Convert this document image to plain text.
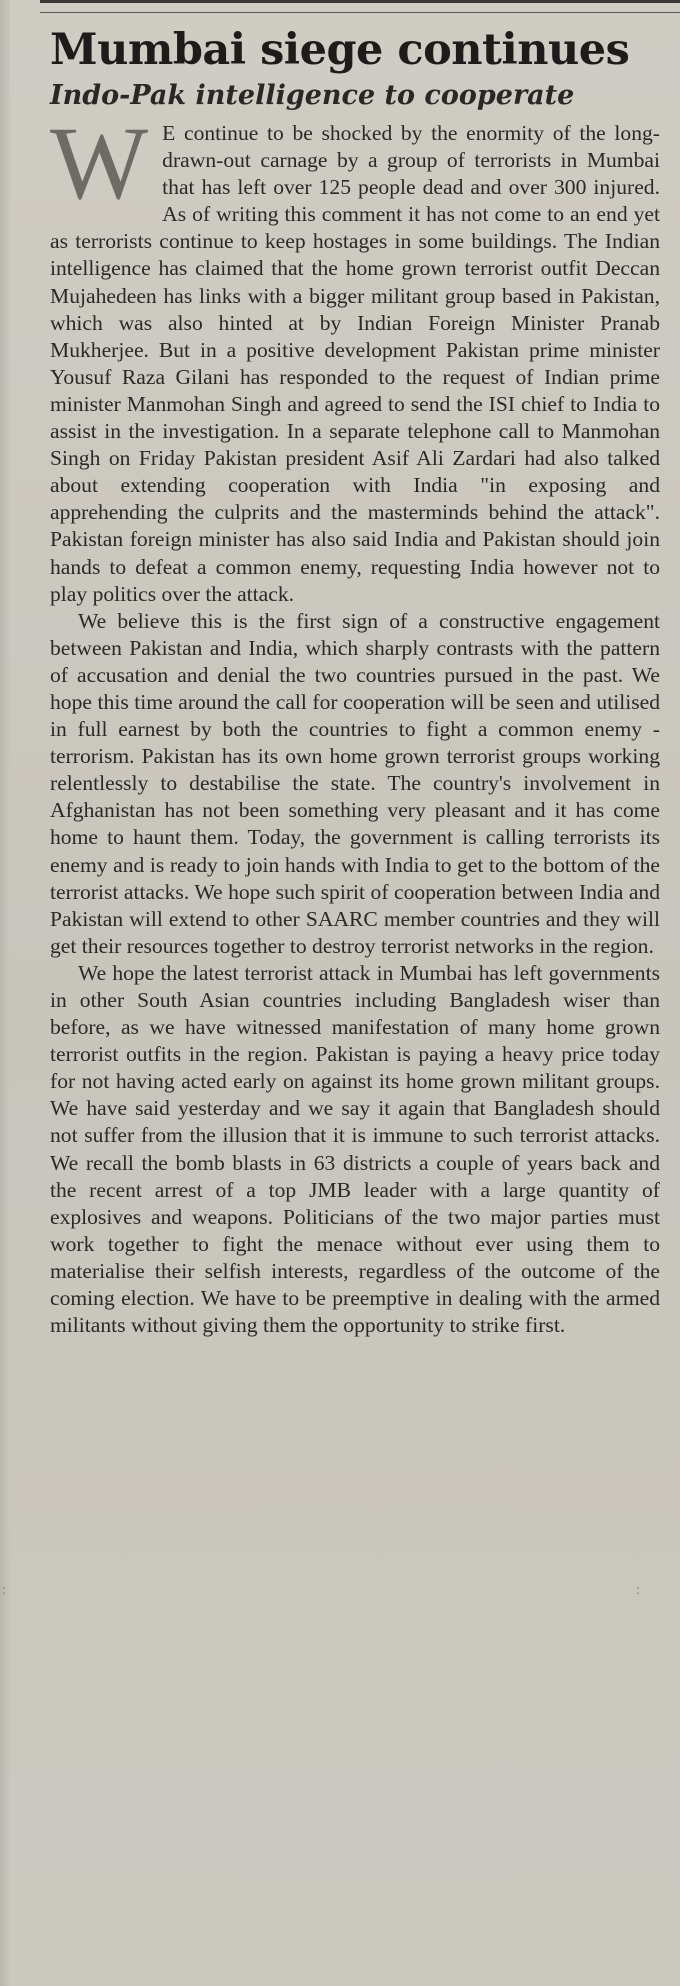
Mumbai siege continues
Indo-Pak intelligence to cooperate

W E continue to be shocked by the enormity of the long-drawn-out carnage by a group of terrorists in Mumbai that has left over 125 people dead and over 300 injured. As of writing this comment it has not come to an end yet as terrorists continue to keep hostages in some buildings. The Indian intelligence has claimed that the home grown terrorist outfit Deccan Mujahedeen has links with a bigger militant group based in Pakistan, which was also hinted at by Indian Foreign Minister Pranab Mukherjee. But in a positive development Pakistan prime minister Yousuf Raza Gilani has responded to the request of Indian prime minister Manmohan Singh and agreed to send the ISI chief to India to assist in the investigation. In a separate telephone call to Manmohan Singh on Friday Pakistan president Asif Ali Zardari had also talked about extending cooperation with India "in exposing and apprehending the culprits and the masterminds behind the attack". Pakistan foreign minister has also said India and Pakistan should join hands to defeat a common enemy, requesting India however not to play politics over the attack.

We believe this is the first sign of a constructive engagement between Pakistan and India, which sharply contrasts with the pattern of accusation and denial the two countries pursued in the past. We hope this time around the call for cooperation will be seen and utilised in full earnest by both the countries to fight a common enemy - terrorism. Pakistan has its own home grown terrorist groups working relentlessly to destabilise the state. The country's involvement in Afghanistan has not been something very pleasant and it has come home to haunt them. Today, the government is calling terrorists its enemy and is ready to join hands with India to get to the bottom of the terrorist attacks. We hope such spirit of cooperation between India and Pakistan will extend to other SAARC member countries and they will get their resources together to destroy terrorist networks in the region.

We hope the latest terrorist attack in Mumbai has left governments in other South Asian countries including Bangladesh wiser than before, as we have witnessed manifestation of many home grown terrorist outfits in the region. Pakistan is paying a heavy price today for not having acted early on against its home grown militant groups. We have said yesterday and we say it again that Bangladesh should not suffer from the illusion that it is immune to such terrorist attacks. We recall the bomb blasts in 63 districts a couple of years back and the recent arrest of a top JMB leader with a large quantity of explosives and weapons. Politicians of the two major parties must work together to fight the menace without ever using them to materialise their selfish interests, regardless of the outcome of the coming election. We have to be preemptive in dealing with the armed militants without giving them the opportunity to strike first.

:	:
